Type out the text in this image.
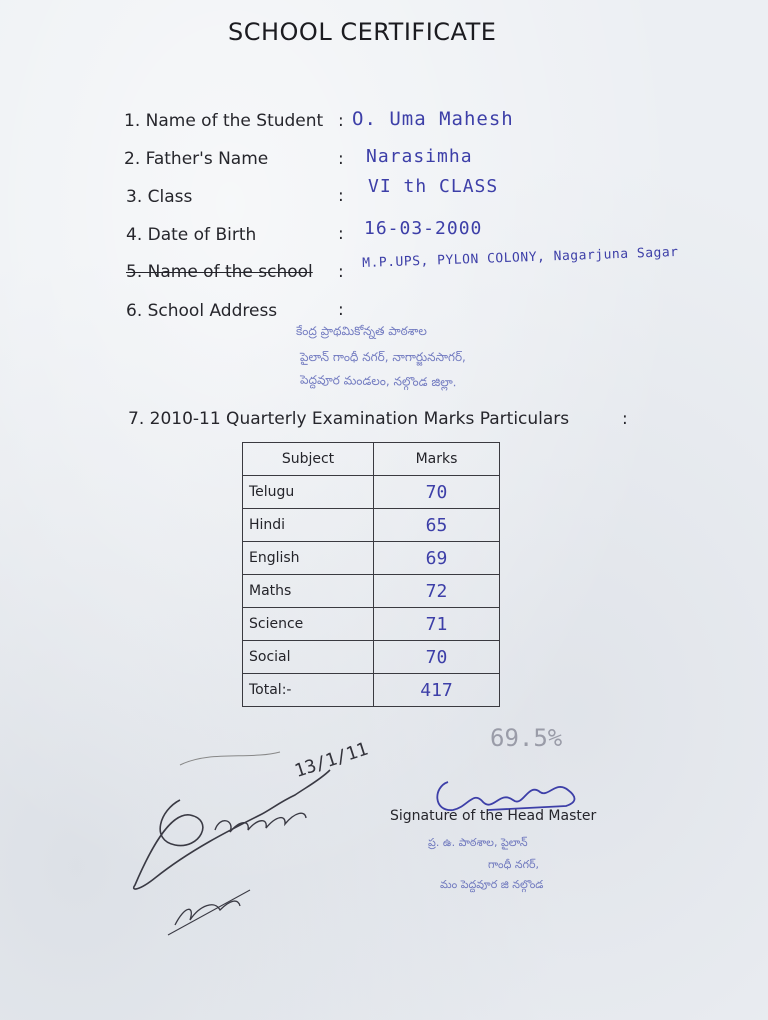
SCHOOL CERTIFICATE
1. Name of the Student : O. Uma Mahesh
2. Father's Name	: Narasimha
3. Class	: VI th CLASS
4. Date of Birth	: 16-03-2000
5. Name of the school :
M.P.UPS, PYLON COLONY, Nagarjuna Sagar
6. School Address	:
కేంద్ర ప్రాథమికోన్నత పాఠశాల
పైలాన్ గాంధీ నగర్, నాగార్జునసాగర్,
పెద్దవూర మండలం, నల్గొండ జిల్లా.
7. 2010-11 Quarterly Examination Marks Particulars	:
Subject	Marks
Telugu	70
Hindi	65
English	69
Maths	72
Science	71
Social	70
Total:-	417
69.5%
13/1/11
Signature of the Head Master
ప్ర. ఉ. పాఠశాల, పైలాన్
గాంధీ నగర్,
మం పెద్దవూర జి నల్గొండ
